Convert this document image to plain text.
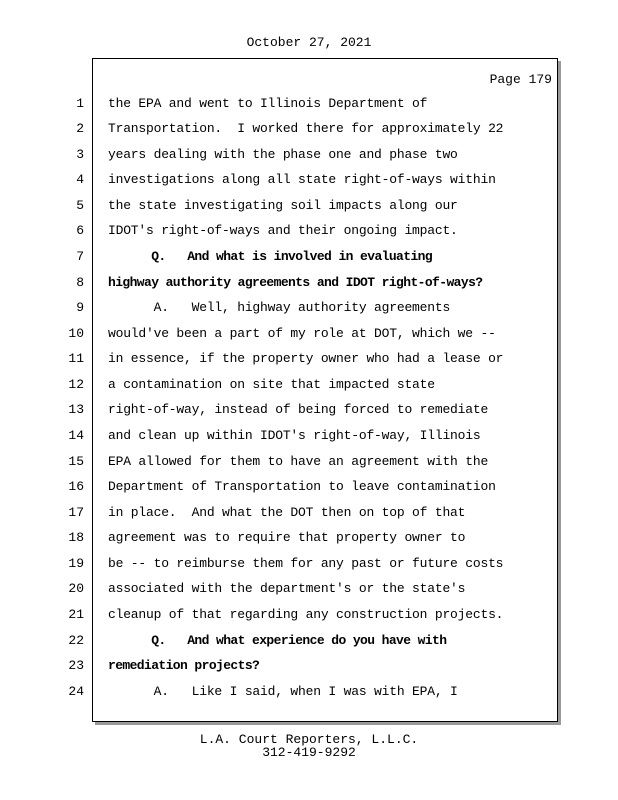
October 27, 2021
Page 179
1
2
3
4
5
6
7
8
9
10
11
12
13
14
15
16
17
18
19
20
21
22
23
24
the EPA and went to Illinois Department of
Transportation.  I worked there for approximately 22
years dealing with the phase one and phase two
investigations along all state right-of-ways within
the state investigating soil impacts along our
IDOT's right-of-ways and their ongoing impact.
Q.   And what is involved in evaluating
highway authority agreements and IDOT right-of-ways?
A.   Well, highway authority agreements
would've been a part of my role at DOT, which we --
in essence, if the property owner who had a lease or
a contamination on site that impacted state
right-of-way, instead of being forced to remediate
and clean up within IDOT's right-of-way, Illinois
EPA allowed for them to have an agreement with the
Department of Transportation to leave contamination
in place.  And what the DOT then on top of that
agreement was to require that property owner to
be -- to reimburse them for any past or future costs
associated with the department's or the state's
cleanup of that regarding any construction projects.
Q.   And what experience do you have with
remediation projects?
A.   Like I said, when I was with EPA, I
L.A. Court Reporters, L.L.C.
312-419-9292
